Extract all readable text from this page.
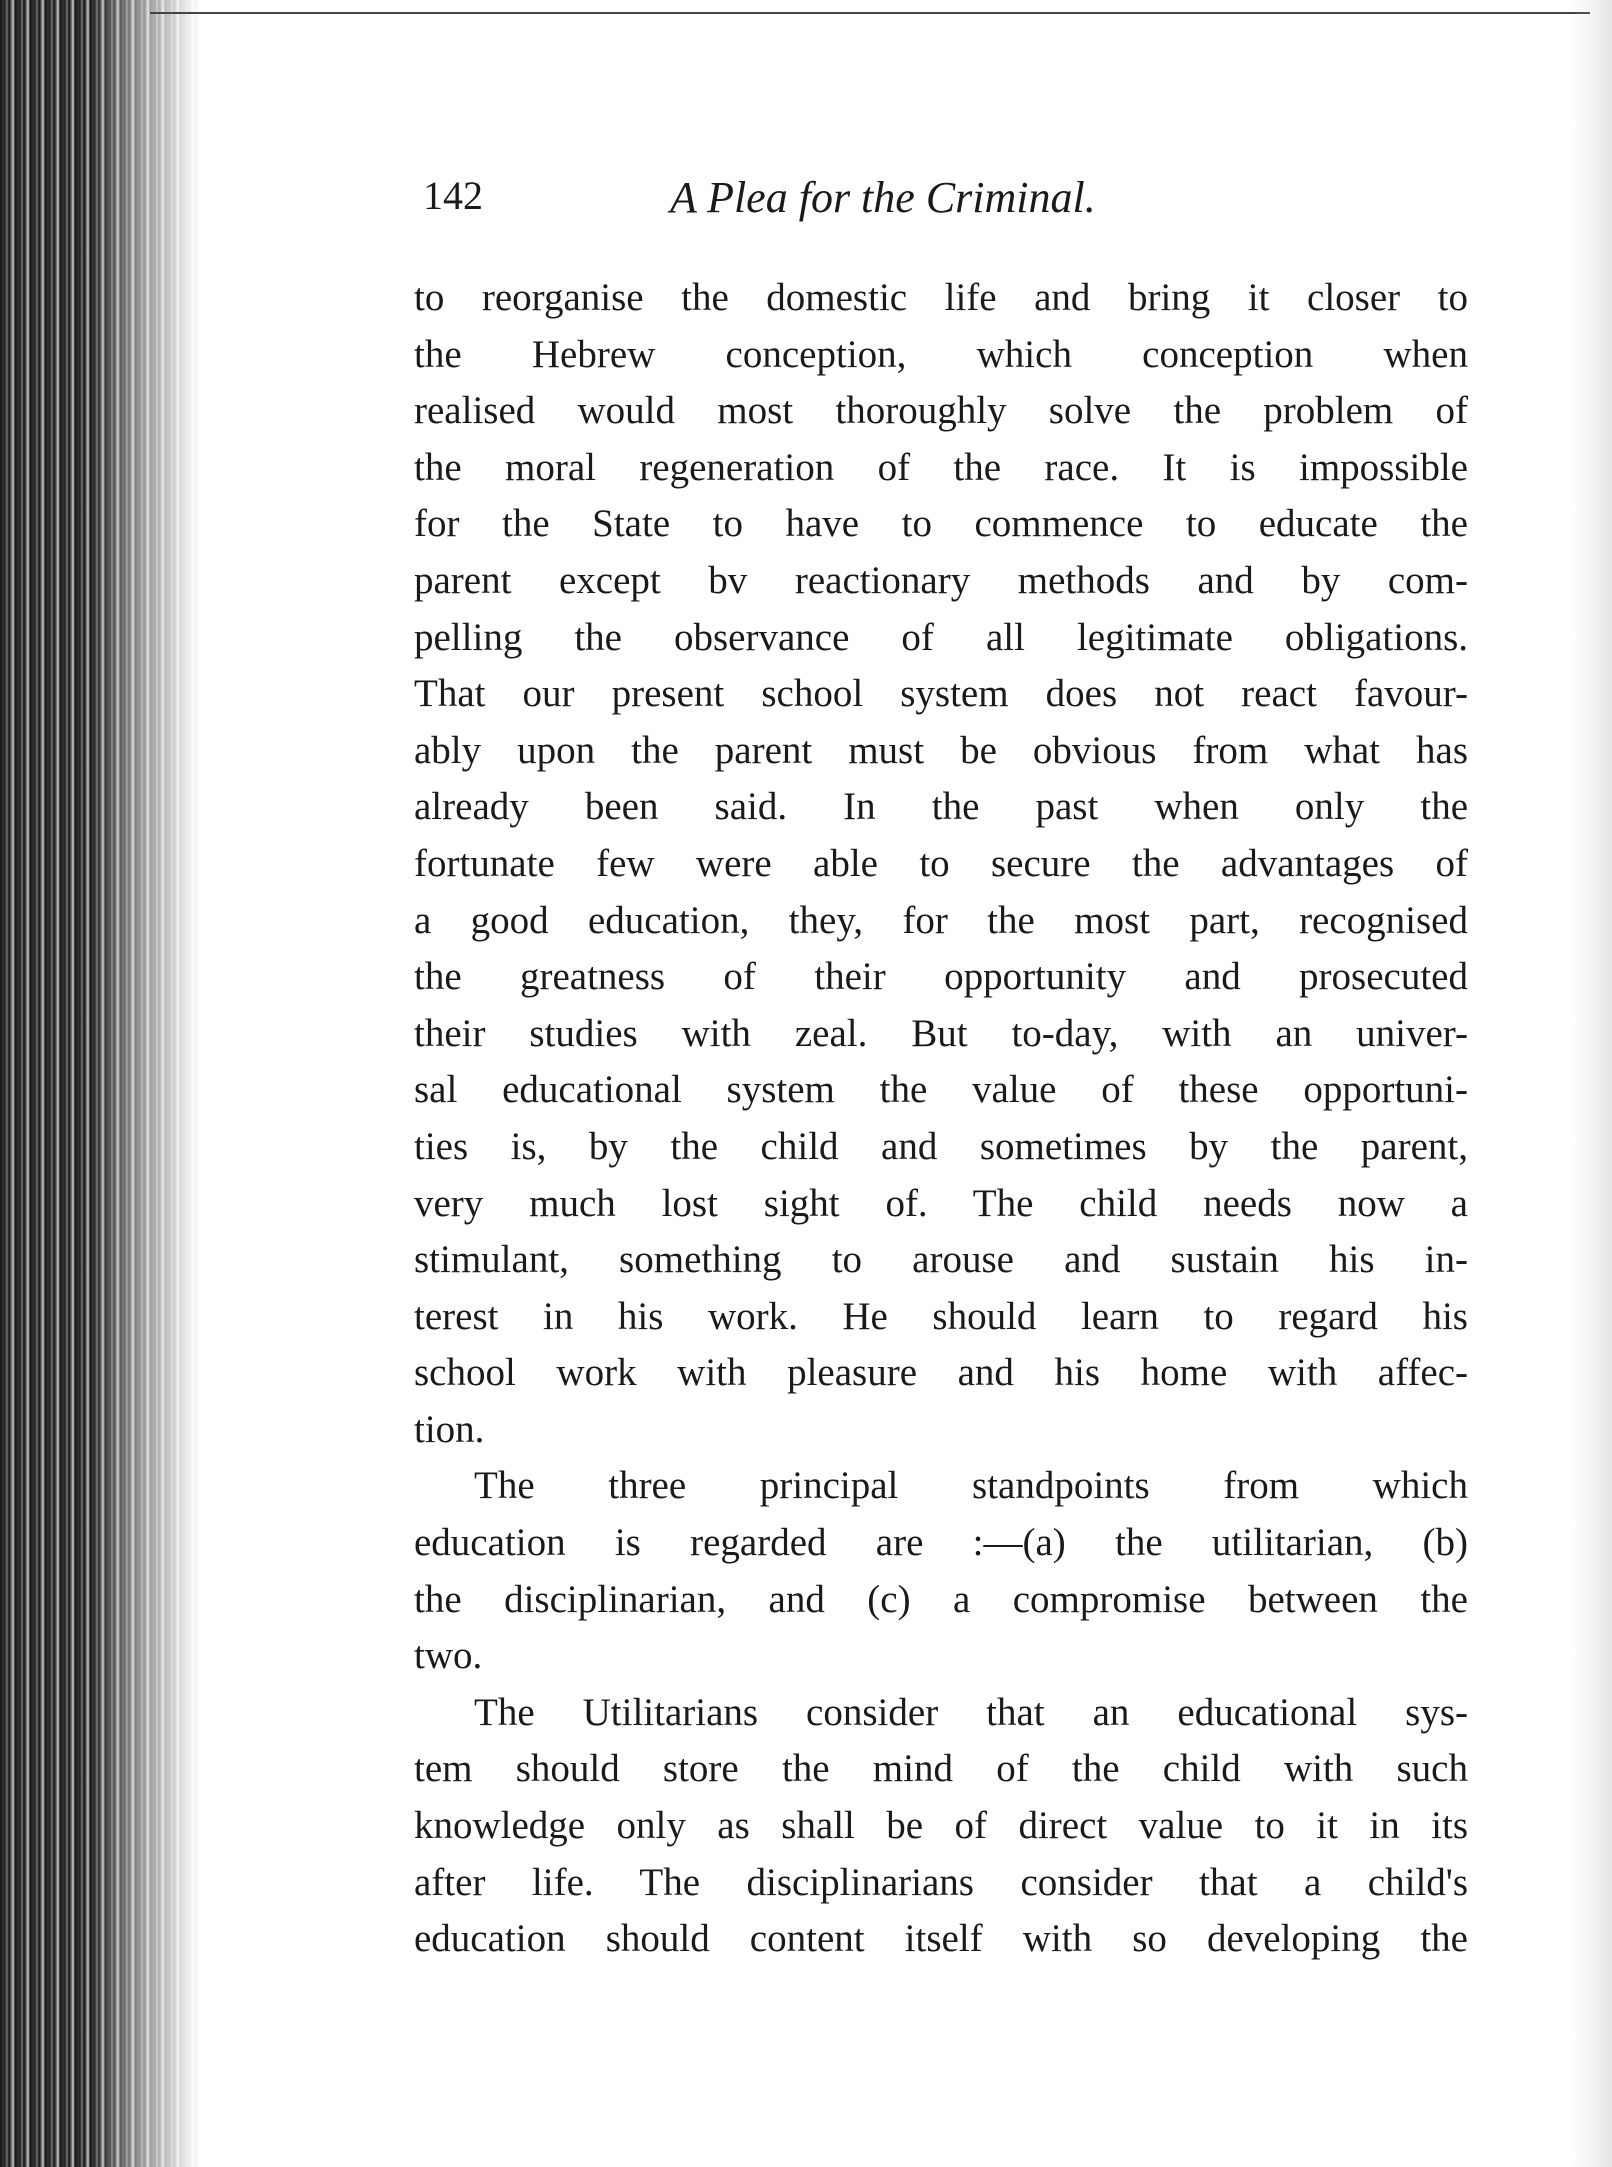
142	A Plea for the Criminal.
to reorganise the domestic life and bring it closer to
the Hebrew conception, which conception when
realised would most thoroughly solve the problem of
the moral regeneration of the race. It is impossible
for the State to have to commence to educate the
parent except bv reactionary methods and by com-
pelling the observance of all legitimate obligations.
That our present school system does not react favour-
ably upon the parent must be obvious from what has
already been said. In the past when only the
fortunate few were able to secure the advantages of
a good education, they, for the most part, recognised
the greatness of their opportunity and prosecuted
their studies with zeal. But to-day, with an univer-
sal educational system the value of these opportuni-
ties is, by the child and sometimes by the parent,
very much lost sight of. The child needs now a
stimulant, something to arouse and sustain his in-
terest in his work. He should learn to regard his
school work with pleasure and his home with affec-
tion.
The three principal standpoints from which
education is regarded are :—(a) the utilitarian, (b)
the disciplinarian, and (c) a compromise between the
two.
The Utilitarians consider that an educational sys-
tem should store the mind of the child with such
knowledge only as shall be of direct value to it in its
after life. The disciplinarians consider that a child's
education should content itself with so developing the
